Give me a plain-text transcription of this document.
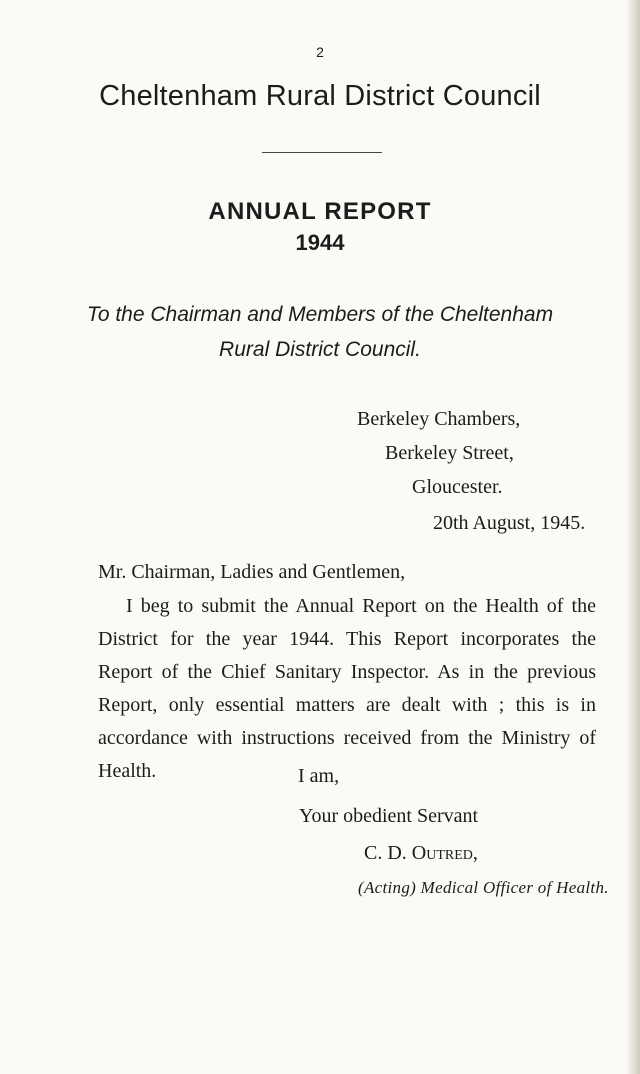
2
Cheltenham Rural District Council
ANNUAL REPORT
1944
To the Chairman and Members of the Cheltenham
Rural District Council.
Berkeley Chambers,
Berkeley Street,
Gloucester.
20th August, 1945.
Mr. Chairman, Ladies and Gentlemen,

I beg to submit the Annual Report on the Health of the District for the year 1944. This Report incorporates the Report of the Chief Sanitary Inspector. As in the previous Report, only essential matters are dealt with ; this is in accordance with instructions received from the Ministry of Health.	I am,
Your obedient Servant
C. D. Outred,
(Acting) Medical Officer of Health.
